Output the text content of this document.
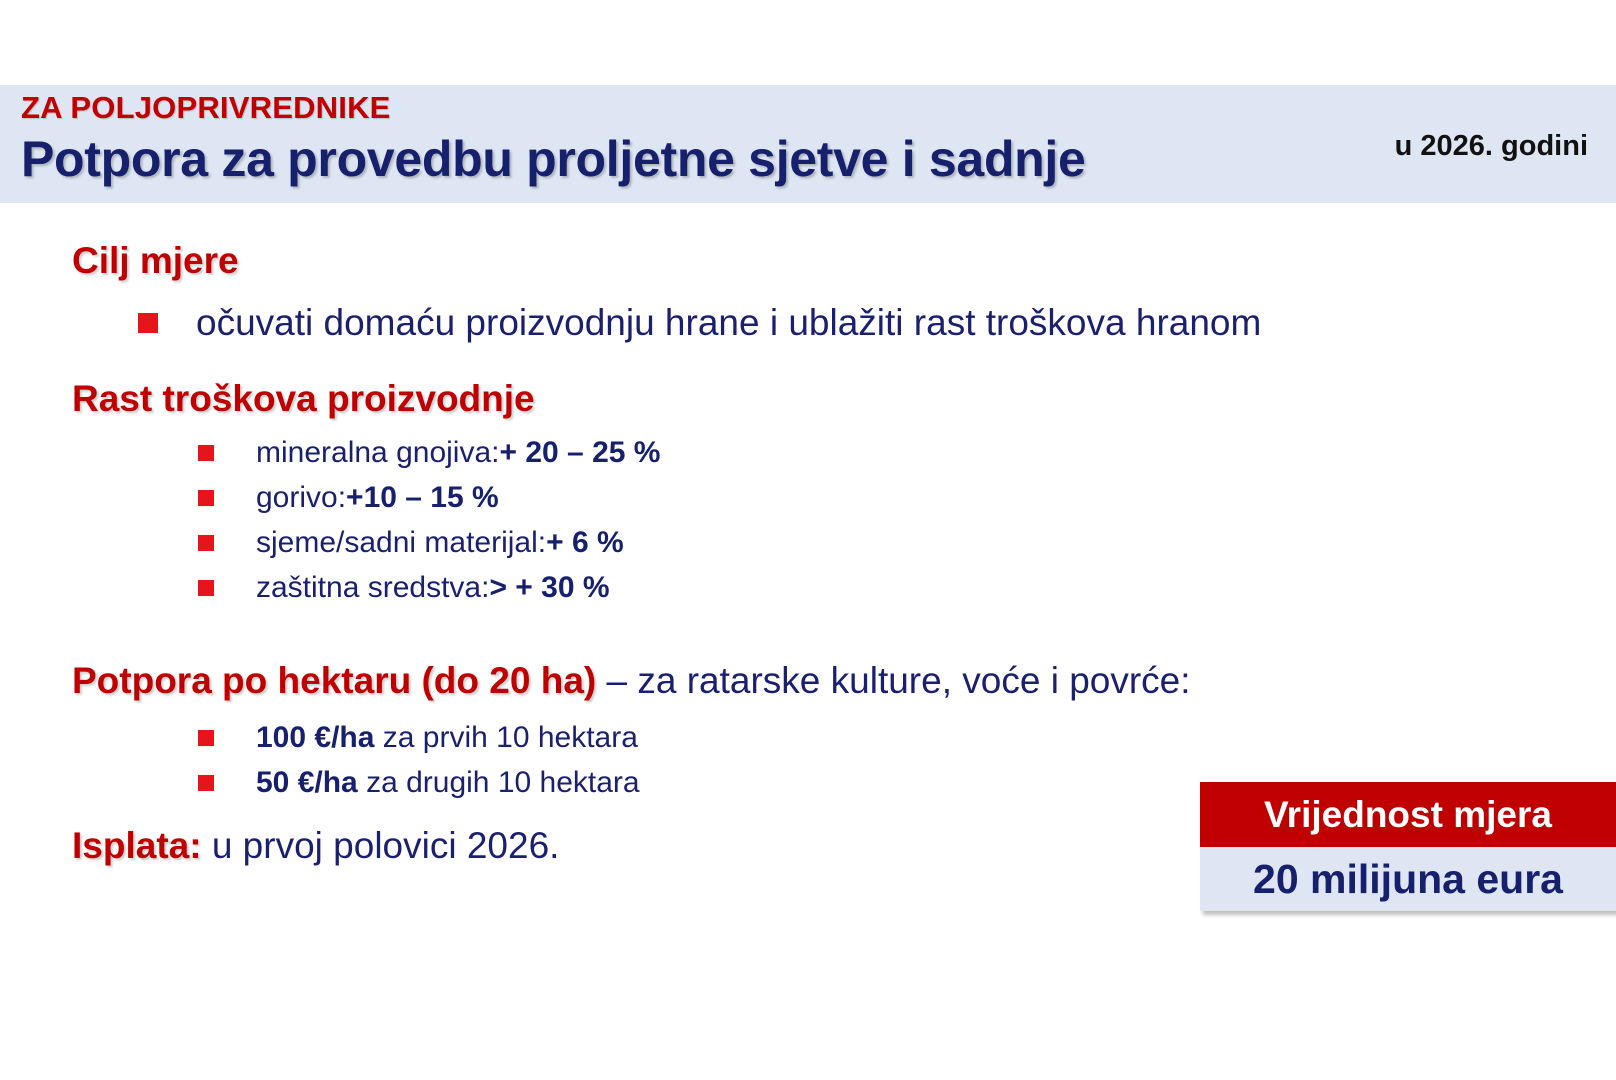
ZA POLJOPRIVREDNIKE
Potpora za provedbu proljetne sjetve i sadnje	u 2026. godini
Cilj mjere
očuvati domaću proizvodnju hrane i ublažiti rast troškova hranom
Rast troškova proizvodnje
mineralna gnojiva: + 20 – 25 %
gorivo: +10 – 15 %
sjeme/sadni materijal: + 6 %
zaštitna sredstva: > + 30 %
Potpora po hektaru (do 20 ha) – za ratarske kulture, voće i povrće:
100 €/ha za prvih 10 hektara
50 €/ha za drugih 10 hektara
Isplata: u prvoj polovici 2026.
Vrijednost mjera
20 milijuna eura
